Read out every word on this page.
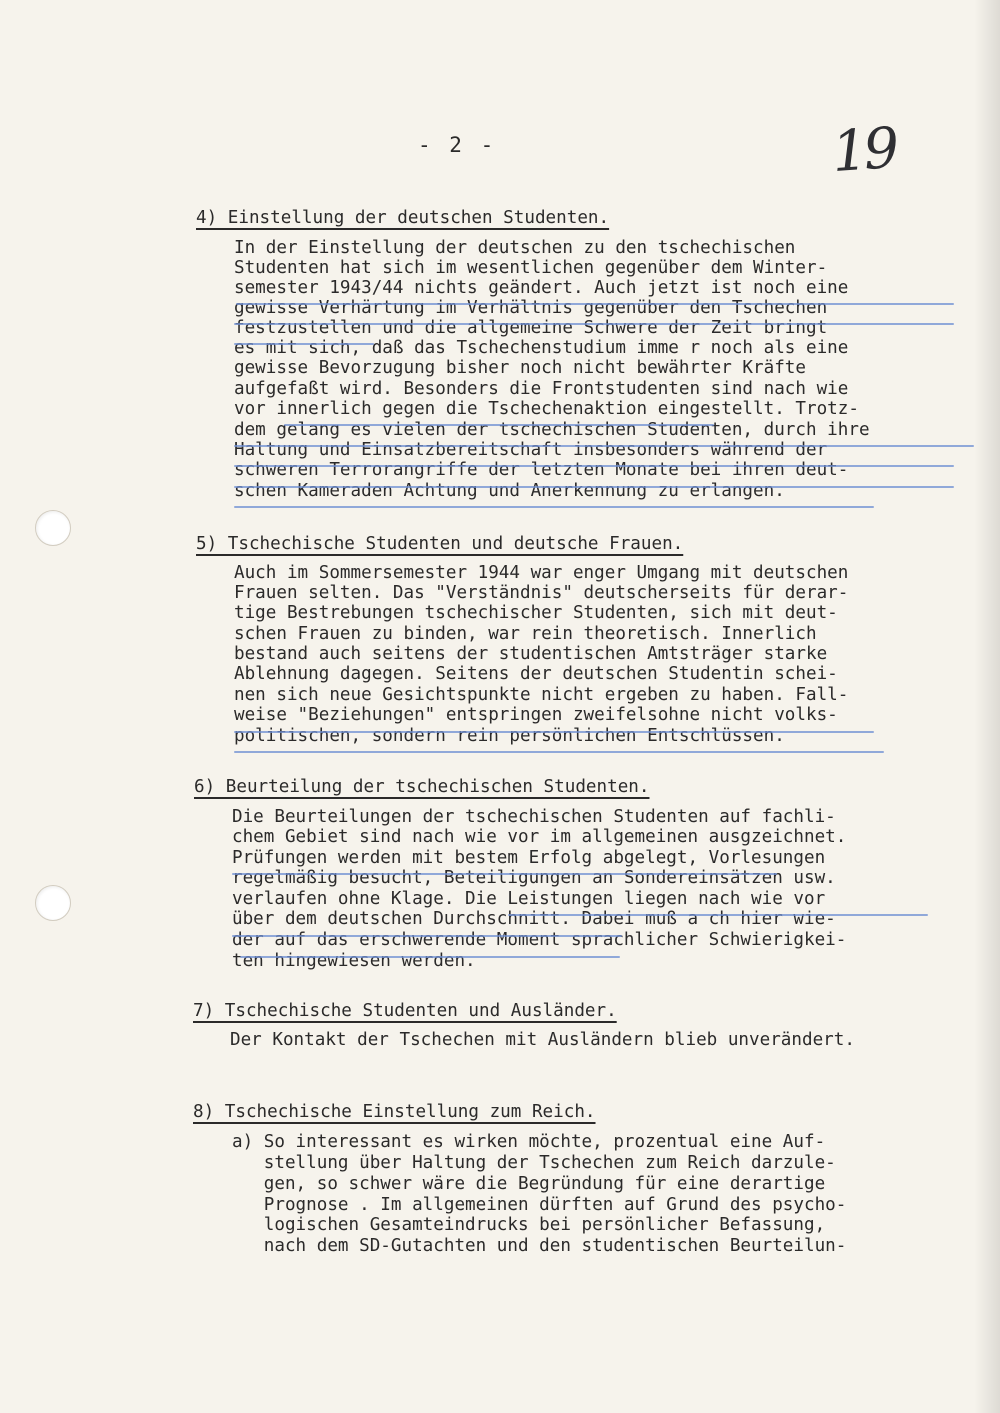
- 2 -	19
4) Einstellung der deutschen Studenten.
In der Einstellung der deutschen zu den tschechischen
Studenten hat sich im wesentlichen gegenüber dem Winter-
semester 1943/44 nichts geändert. Auch jetzt ist noch eine
gewisse Verhärtung im Verhältnis gegenüber den Tschechen
festzustellen und die allgemeine Schwere der Zeit bringt
es mit sich, daß das Tschechenstudium imme r noch als eine
gewisse Bevorzugung bisher noch nicht bewährter Kräfte
aufgefaßt wird. Besonders die Frontstudenten sind nach wie
vor innerlich gegen die Tschechenaktion eingestellt. Trotz-
dem gelang es vielen der tschechischen Studenten, durch ihre
Haltung und Einsatzbereitschaft insbesonders während der
schweren Terrorangriffe der letzten Monate bei ihren deut-
schen Kameraden Achtung und Anerkennung zu erlangen.
5) Tschechische Studenten und deutsche Frauen.
Auch im Sommersemester 1944 war enger Umgang mit deutschen
Frauen selten. Das "Verständnis" deutscherseits für derar-
tige Bestrebungen tschechischer Studenten, sich mit deut-
schen Frauen zu binden, war rein theoretisch. Innerlich
bestand auch seitens der studentischen Amtsträger starke
Ablehnung dagegen. Seitens der deutschen Studentin schei-
nen sich neue Gesichtspunkte nicht ergeben zu haben. Fall-
weise "Beziehungen" entspringen zweifelsohne nicht volks-
politischen, sondern rein persönlichen Entschlüssen.
6) Beurteilung der tschechischen Studenten.
Die Beurteilungen der tschechischen Studenten auf fachli-
chem Gebiet sind nach wie vor im allgemeinen ausgzeichnet.
Prüfungen werden mit bestem Erfolg abgelegt, Vorlesungen
regelmäßig besucht, Beteiligungen an Sondereinsätzen usw.
verlaufen ohne Klage. Die Leistungen liegen nach wie vor
über dem deutschen Durchschnitt. Dabei muß a ch hier wie-
der auf das erschwerende Moment sprachlicher Schwierigkei-
ten hingewiesen werden.
7) Tschechische Studenten und Ausländer.
Der Kontakt der Tschechen mit Ausländern blieb unverändert.
8) Tschechische Einstellung zum Reich.
a) So interessant es wirken möchte, prozentual eine Auf-
stellung über Haltung der Tschechen zum Reich darzule-
gen, so schwer wäre die Begründung für eine derartige
Prognose . Im allgemeinen dürften auf Grund des psycho-
logischen Gesamteindrucks bei persönlicher Befassung,
nach dem SD-Gutachten und den studentischen Beurteilun-
